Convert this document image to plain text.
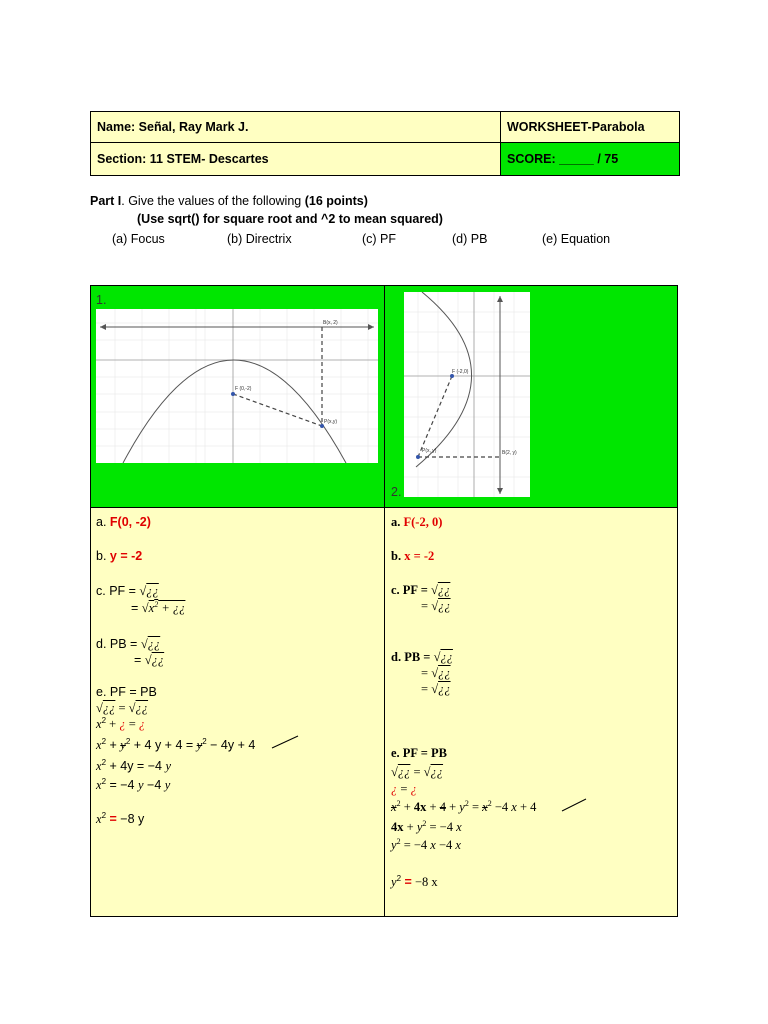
Name: Señal, Ray Mark J.	WORKSHEET-Parabola
Section: 11 STEM- Descartes	SCORE: _____ / 75
Part I. Give the values of the following (16 points)
(Use sqrt() for square root and ^2 to mean squared)
(a) Focus	(b) Directrix	(c) PF	(d) PB	(e) Equation
1.
2.
B(x, 2)
F (0,-2)
P(x,y)
F (-2,0)
B(2, y)
P(x, y)
a. F(0, -2)
b. y = -2
c. PF = √¿¿
= $√x^2$ + ¿¿
d. PB = √¿¿
= √¿¿
e. PF = PB
√¿¿ = √¿¿
$x^2$ + ¿ = ¿
$x^2 + y^2 + 4$ $y + 4 = y^2 - 4y + 4$
$x^2 + 4y = -4$ y
$x^2 = -4$ y −4 y
$x^2 = -8$ y
a. F(-2, 0)
b. x = -2
c. PF = √¿¿
= √¿¿
d. PB = √¿¿
= √¿¿
= √¿¿
e. PF = PB
√¿¿ = √¿¿
¿ = ¿
$x^2 + 4x + 4 + y^2 = x^2 -4$ x + 4
$4x + y^2 = -4$ x
$y^2 = -4$ x −4 x
$y^2 = -8$ x
